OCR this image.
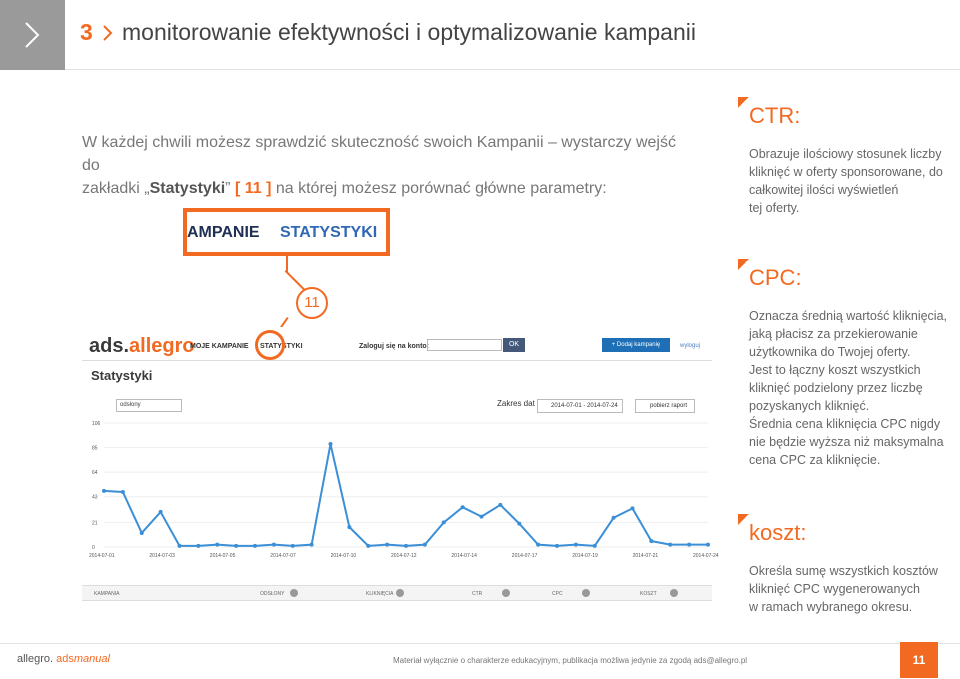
3 monitorowanie efektywności i optymalizowanie kampanii
W każdej chwili możesz sprawdzić skuteczność swoich Kampanii – wystarczy wejść do
zakładki „Statystyki” [ 11 ] na której możesz porównać główne parametry:
AMPANIE STATYSTYKI
11
ads.allegro
MOJE KAMPANIE STATYSTYKI	Zaloguj się na konto:	OK	+ Dodaj kampanię	wyloguj
Statystyki
odsłony	Zakres dat	2014-07-01 - 2014-07-24	pobierz raport
106
85
64
43
21
0
2014-07-01	2014-07-03	2014-07-05	2014-07-07	2014-07-10	2014-07-12	2014-07-14	2014-07-17	2014-07-19	2014-07-21	2014-07-24
KAMPANIA	ODSŁONY	KLIKNIĘCIA	CTR	CPC	KOSZT
CTR:
Obrazuje ilościowy stosunek liczby
kliknięć w oferty sponsorowane, do
całkowitej ilości wyświetleń
tej oferty.
CPC:
Oznacza średnią wartość kliknięcia,
jaką płacisz za przekierowanie
użytkownika do Twojej oferty.
Jest to łączny koszt wszystkich
kliknięć podzielony przez liczbę
pozyskanych kliknięć.
Średnia cena kliknięcia CPC nigdy
nie będzie wyższa niż maksymalna
cena CPC za kliknięcie.
koszt:
Określa sumę wszystkich kosztów
kliknięć CPC wygenerowanych
w ramach wybranego okresu.
allegro. adsmanual	Materiał wyłącznie o charakterze edukacyjnym, publikacja możliwa jedynie za zgodą ads@allegro.pl	11
